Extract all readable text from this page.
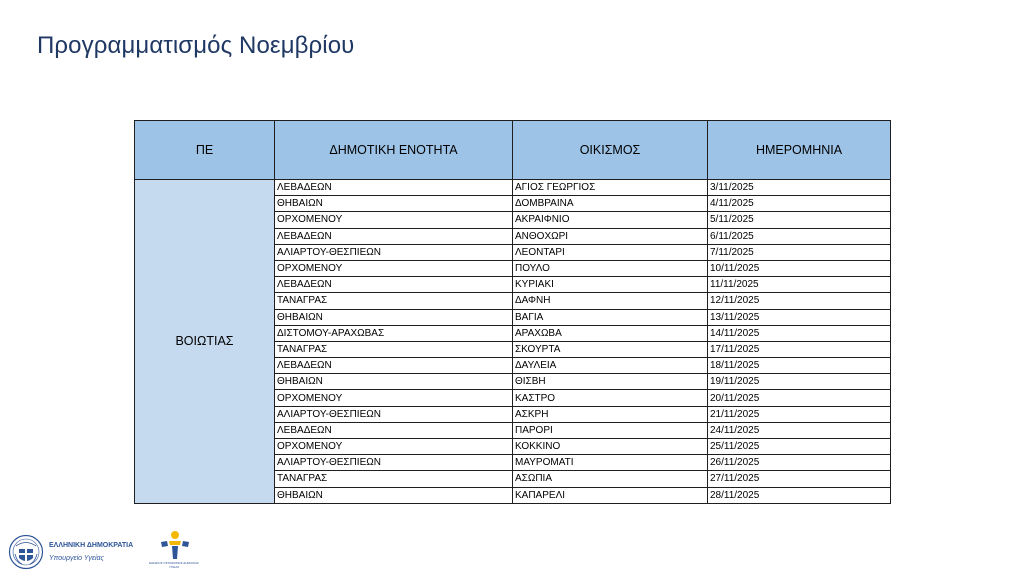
Προγραμματισμός Νοεμβρίου
ΠΕ	ΔΗΜΟΤΙΚΗ ΕΝΟΤΗΤΑ	ΟΙΚΙΣΜΟΣ	ΗΜΕΡΟΜΗΝΙΑ
ΒΟΙΩΤΙΑΣ	ΛΕΒΑΔΕΩΝ	ΑΓΙΟΣ ΓΕΩΡΓΙΟΣ	3/11/2025
	ΘΗΒΑΙΩΝ	ΔΟΜΒΡΑΙΝΑ	4/11/2025
	ΟΡΧΟΜΕΝΟΥ	ΑΚΡΑΙΦΝΙΟ	5/11/2025
	ΛΕΒΑΔΕΩΝ	ΑΝΘΟΧΩΡΙ	6/11/2025
	ΑΛΙΑΡΤΟΥ-ΘΕΣΠΙΕΩΝ	ΛΕΟΝΤΑΡΙ	7/11/2025
	ΟΡΧΟΜΕΝΟΥ	ΠΟΥΛΟ	10/11/2025
	ΛΕΒΑΔΕΩΝ	ΚΥΡΙΑΚΙ	11/11/2025
	ΤΑΝΑΓΡΑΣ	ΔΑΦΝΗ	12/11/2025
	ΘΗΒΑΙΩΝ	ΒΑΓΙΑ	13/11/2025
	ΔΙΣΤΟΜΟΥ-ΑΡΑΧΩΒΑΣ	ΑΡΑΧΩΒΑ	14/11/2025
	ΤΑΝΑΓΡΑΣ	ΣΚΟΥΡΤΑ	17/11/2025
	ΛΕΒΑΔΕΩΝ	ΔΑΥΛΕΙΑ	18/11/2025
	ΘΗΒΑΙΩΝ	ΘΙΣΒΗ	19/11/2025
	ΟΡΧΟΜΕΝΟΥ	ΚΑΣΤΡΟ	20/11/2025
	ΑΛΙΑΡΤΟΥ-ΘΕΣΠΙΕΩΝ	ΑΣΚΡΗ	21/11/2025
	ΛΕΒΑΔΕΩΝ	ΠΑΡΟΡΙ	24/11/2025
	ΟΡΧΟΜΕΝΟΥ	ΚΟΚΚΙΝΟ	25/11/2025
	ΑΛΙΑΡΤΟΥ-ΘΕΣΠΙΕΩΝ	ΜΑΥΡΟΜΑΤΙ	26/11/2025
	ΤΑΝΑΓΡΑΣ	ΑΣΩΠΙΑ	27/11/2025
	ΘΗΒΑΙΩΝ	ΚΑΠΑΡΕΛΙ	28/11/2025
ΕΛΛΗΝΙΚΗ ΔΗΜΟΚΡΑΤΙΑ
Υπουργείο Υγείας
ΕΘΝΙΚΟΣ ΟΡΓΑΝΙΣΜΟΣ ΔΗΜΟΣΙΑΣ ΥΓΕΙΑΣ
